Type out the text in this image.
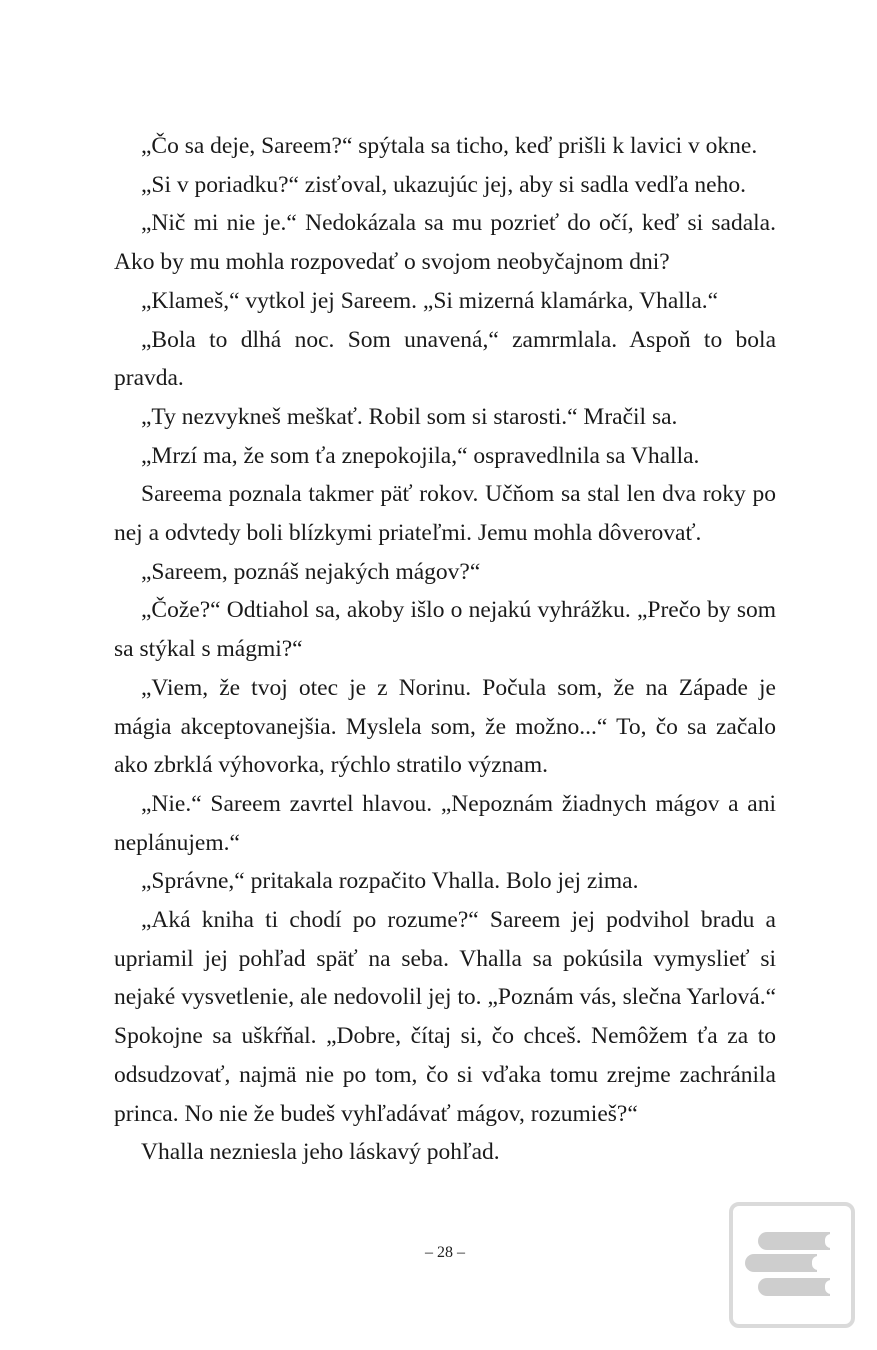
„Čo sa deje, Sareem?“ spýtala sa ticho, keď prišli k lavici v okne.

„Si v poriadku?“ zisťoval, ukazujúc jej, aby si sadla vedľa neho.

„Nič mi nie je.“ Nedokázala sa mu pozrieť do očí, keď si sadala. Ako by mu mohla rozpovedať o svojom neobyčajnom dni?

„Klameš,“ vytkol jej Sareem. „Si mizerná klamárka, Vhalla.“

„Bola to dlhá noc. Som unavená,“ zamrmlala. Aspoň to bola pravda.

„Ty nezvykneš meškať. Robil som si starosti.“ Mračil sa.

„Mrzí ma, že som ťa znepokojila,“ ospravedlnila sa Vhalla.

Sareema poznala takmer päť rokov. Učňom sa stal len dva roky po nej a odvtedy boli blízkymi priateľmi. Jemu mohla dôverovať.

„Sareem, poznáš nejakých mágov?“

„Čože?“ Odtiahol sa, akoby išlo o nejakú vyhrážku. „Prečo by som sa stýkal s mágmi?“

„Viem, že tvoj otec je z Norinu. Počula som, že na Západe je mágia akceptovanejšia. Myslela som, že možno...“ To, čo sa začalo ako zbrklá výhovorka, rýchlo stratilo význam.

„Nie.“ Sareem zavrtel hlavou. „Nepoznám žiadnych mágov a ani neplánujem.“

„Správne,“ pritakala rozpačito Vhalla. Bolo jej zima.

„Aká kniha ti chodí po rozume?“ Sareem jej podvihol bradu a upriamil jej pohľad späť na seba. Vhalla sa pokúsila vymyslieť si nejaké vysvetlenie, ale nedovolil jej to. „Poznám vás, slečna Yarlová.“ Spokojne sa uškŕňal. „Dobre, čítaj si, čo chceš. Nemôžem ťa za to odsudzovať, najmä nie po tom, čo si vďaka tomu zrejme zachránila princa. No nie že budeš vyhľadávať mágov, rozumieš?“

Vhalla nezniesla jeho láskavý pohľad.

– 28 –
